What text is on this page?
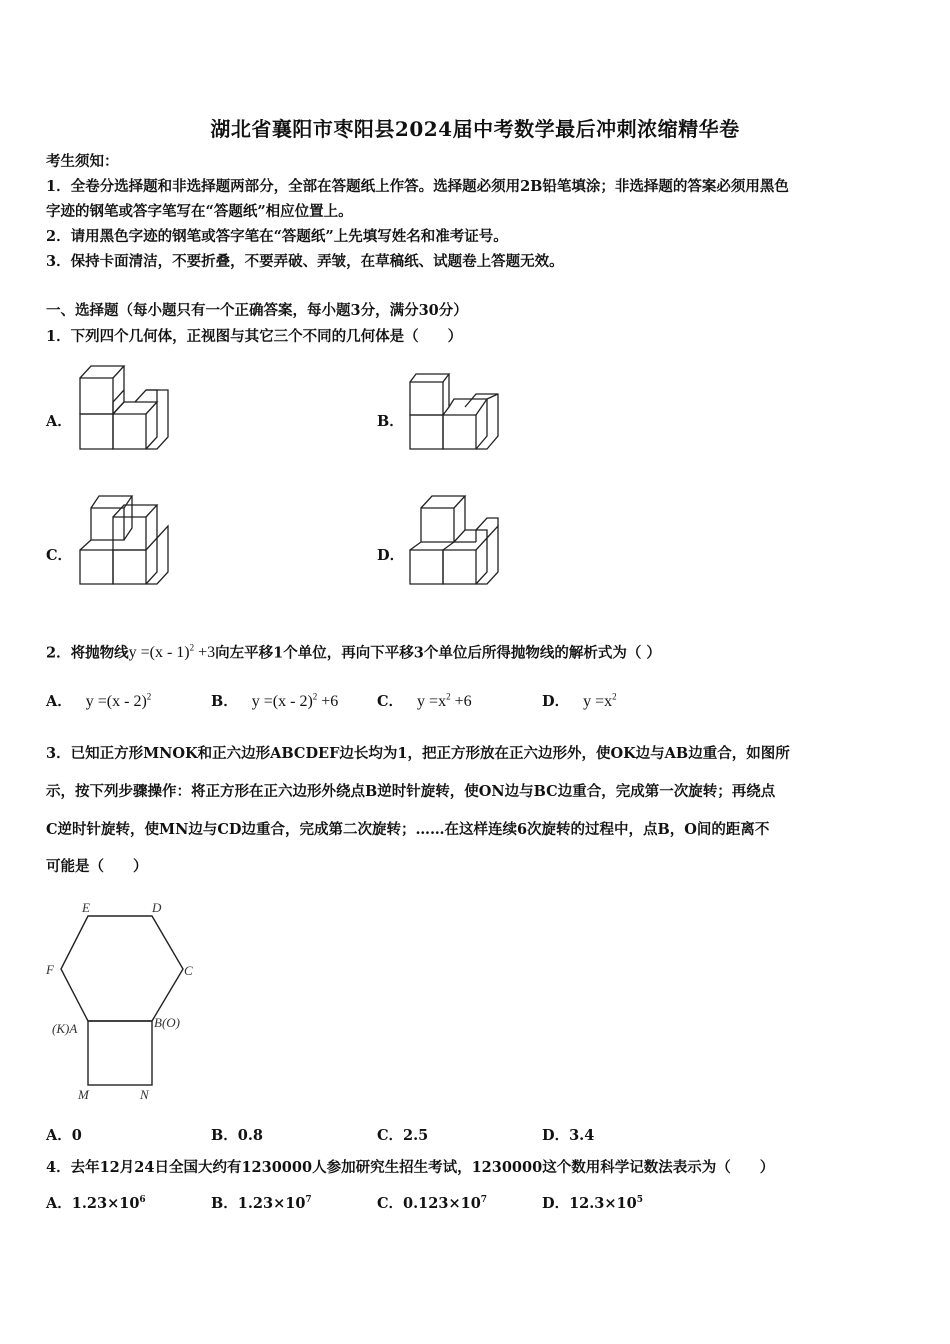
湖北省襄阳市枣阳县2024届中考数学最后冲刺浓缩精华卷
考生须知：
1．全卷分选择题和非选择题两部分，全部在答题纸上作答。选择题必须用2B铅笔填涂；非选择题的答案必须用黑色
字迹的钢笔或答字笔写在“答题纸”相应位置上。
2．请用黑色字迹的钢笔或答字笔在“答题纸”上先填写姓名和准考证号。
3．保持卡面清洁，不要折叠，不要弄破、弄皱，在草稿纸、试题卷上答题无效。
一、选择题（每小题只有一个正确答案，每小题3分，满分30分）
1．下列四个几何体，正视图与其它三个不同的几何体是（　　）
A．	B．
C．	D．
2．将抛物线y =(x - 1)$^2$ +3向左平移1个单位，再向下平移3个单位后所得抛物线的解析式为（ ）
A． y =(x - 2)$^2$	B． y =(x - 2)$^2$ +6	C． $y =x^2 +6$	D． $y =x^2$
3．已知正方形MNOK和正六边形ABCDEF边长均为1，把正方形放在正六边形外，使OK边与AB边重合，如图所
示，按下列步骤操作：将正方形在正六边形外绕点B逆时针旋转，使ON边与BC边重合，完成第一次旋转；再绕点
C逆时针旋转，使MN边与CD边重合，完成第二次旋转；……在这样连续6次旋转的过程中，点B，O间的距离不
可能是（　　）
E	D
F	C
(K)A	B(O)
M	N
A．0	B．0.8	C．2.5	D．3.4
4．去年12月24日全国大约有1230000人参加研究生招生考试，1230000这个数用科学记数法表示为（　　）
A．$1.23\times 10^6$	B．$1.23\times 10^7$	C．$0.123\times 10^7$	D．$12.3\times 10^5$
